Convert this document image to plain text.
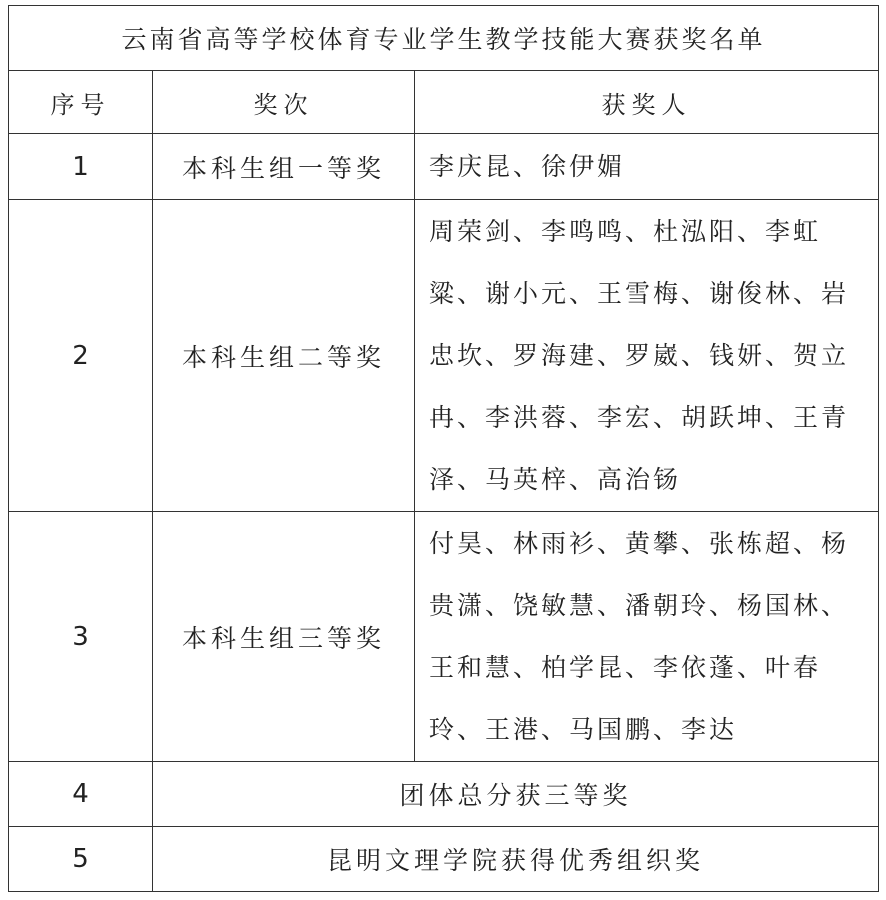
云南省高等学校体育专业学生教学技能大赛获奖名单		
序号	奖次	获奖人
1	本科生组一等奖	李庆昆、徐伊媚
2	本科生组二等奖	周荣剑、李鸣鸣、杜泓阳、李虹粱、谢小元、王雪梅、谢俊林、岩忠坎、罗海建、罗崴、钱妍、贺立冉、李洪蓉、李宏、胡跃坤、王青泽、马英梓、高治钖
3	本科生组三等奖	付昊、林雨衫、黄攀、张栋超、杨贵潇、饶敏慧、潘朝玲、杨国林、王和慧、柏学昆、李依蓬、叶春玲、王港、马国鹏、李达
4	团体总分获三等奖	
5	昆明文理学院获得优秀组织奖	
